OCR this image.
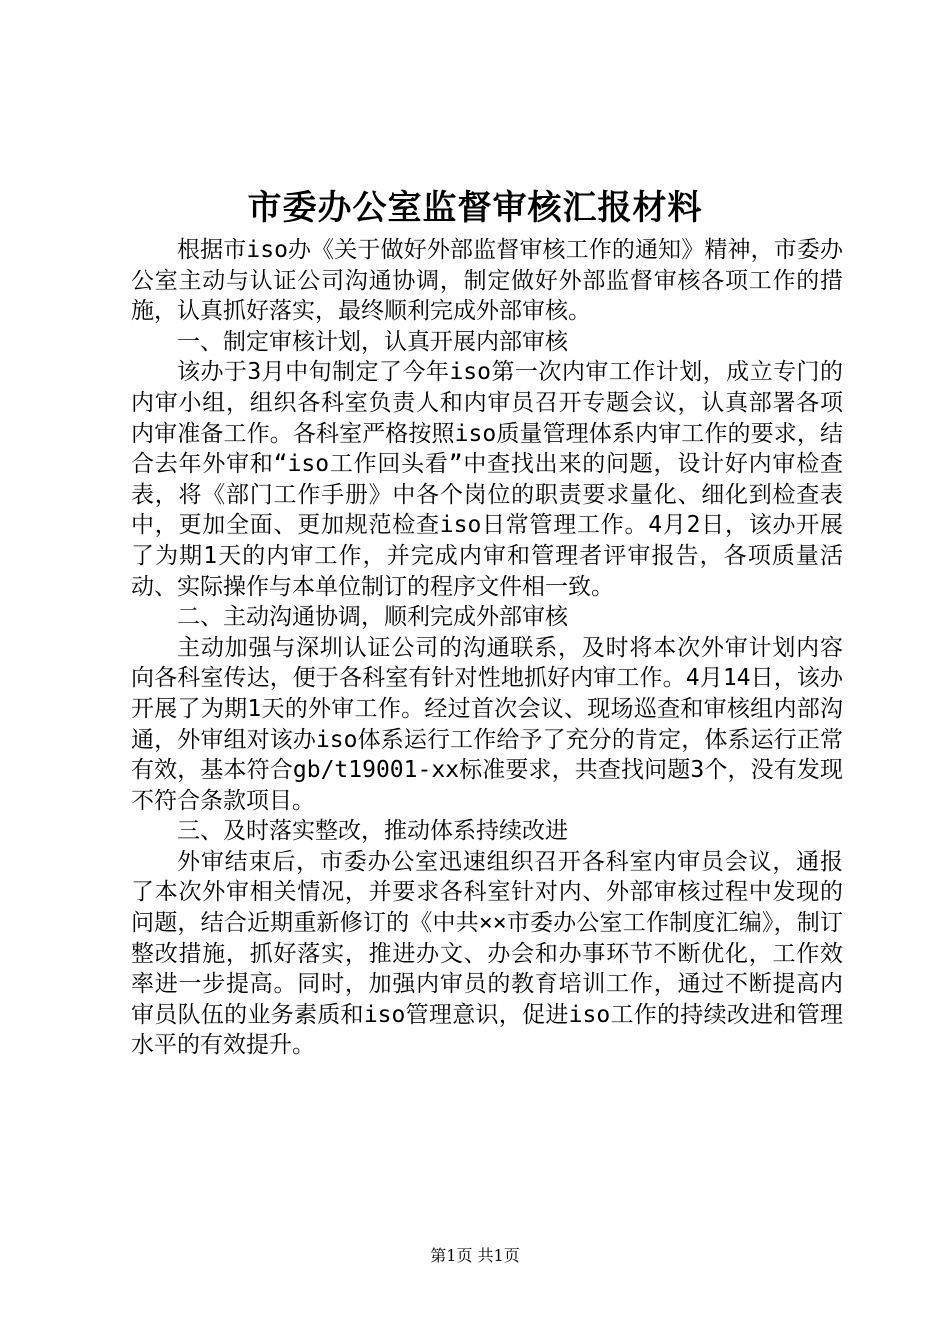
市委办公室监督审核汇报材料

根据市iso办《关于做好外部监督审核工作的通知》精神，市委办公室主动与认证公司沟通协调，制定做好外部监督审核各项工作的措施，认真抓好落实，最终顺利完成外部审核。

一、制定审核计划，认真开展内部审核

该办于3月中旬制定了今年iso第一次内审工作计划，成立专门的内审小组，组织各科室负责人和内审员召开专题会议，认真部署各项内审准备工作。各科室严格按照iso质量管理体系内审工作的要求，结合去年外审和“iso工作回头看”中查找出来的问题，设计好内审检查表，将《部门工作手册》中各个岗位的职责要求量化、细化到检查表中，更加全面、更加规范检查iso日常管理工作。4月2日，该办开展了为期1天的内审工作，并完成内审和管理者评审报告，各项质量活动、实际操作与本单位制订的程序文件相一致。

二、主动沟通协调，顺利完成外部审核

主动加强与深圳认证公司的沟通联系，及时将本次外审计划内容向各科室传达，便于各科室有针对性地抓好内审工作。4月14日，该办开展了为期1天的外审工作。经过首次会议、现场巡查和审核组内部沟通，外审组对该办iso体系运行工作给予了充分的肯定，体系运行正常有效，基本符合gb/t19001-xx标准要求，共查找问题3个，没有发现不符合条款项目。

三、及时落实整改，推动体系持续改进

外审结束后，市委办公室迅速组织召开各科室内审员会议，通报了本次外审相关情况，并要求各科室针对内、外部审核过程中发现的问题，结合近期重新修订的《中共××市委办公室工作制度汇编》，制订整改措施，抓好落实，推进办文、办会和办事环节不断优化，工作效率进一步提高。同时，加强内审员的教育培训工作，通过不断提高内审员队伍的业务素质和iso管理意识，促进iso工作的持续改进和管理水平的有效提升。

第1页 共1页
